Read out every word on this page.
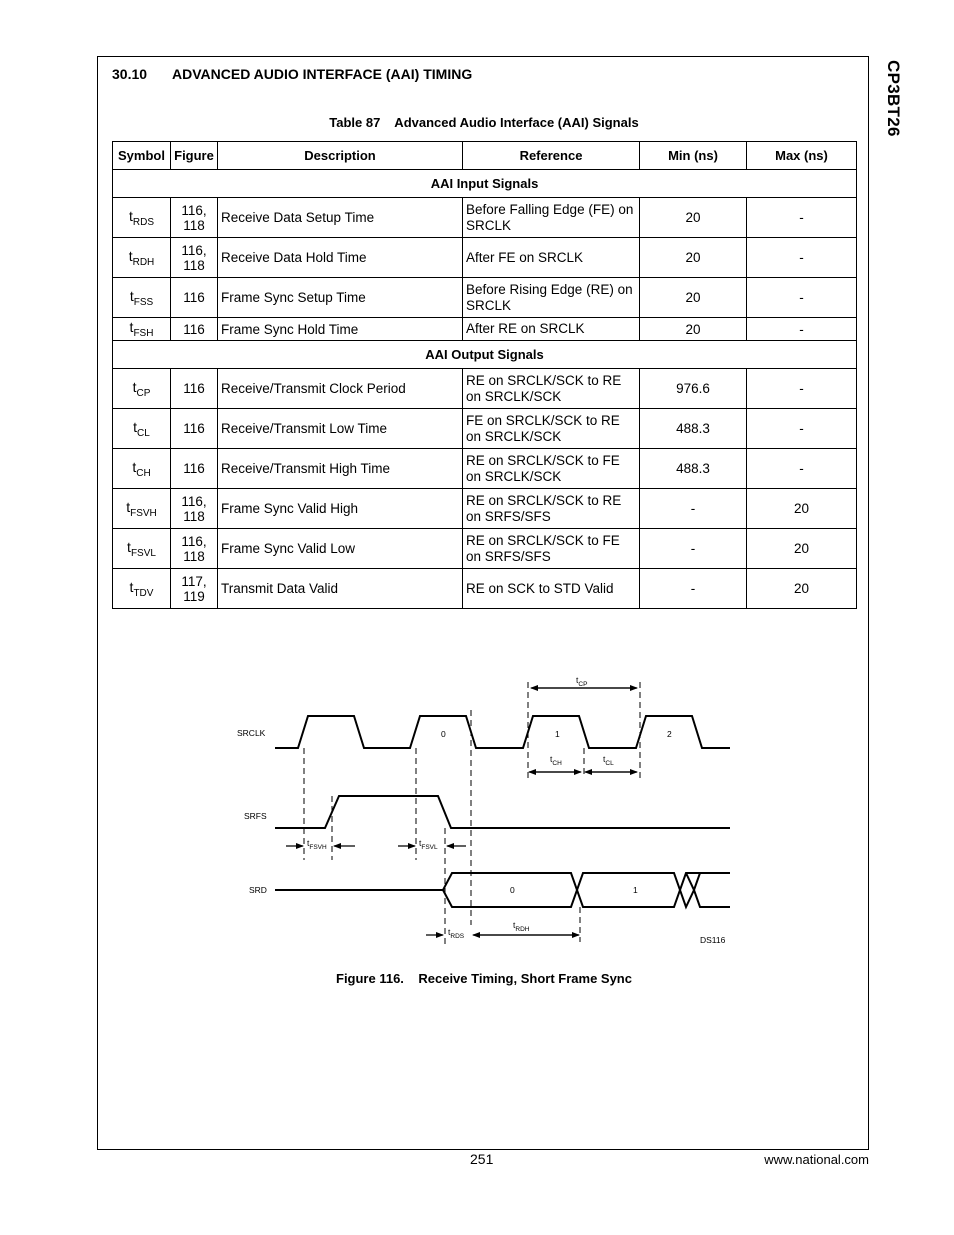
CP3BT26
30.10 ADVANCED AUDIO INTERFACE (AAI) TIMING
Table 87    Advanced Audio Interface (AAI) Signals
Symbol	Figure	Description	Reference	Min (ns)	Max (ns)
AAI Input Signals					
$t_{RDS}$	116, 118	Receive Data Setup Time	Before Falling Edge (FE) on SRCLK	20	-
$t_{RDH}$	116, 118	Receive Data Hold Time	After FE on SRCLK	20	-
$t_{FSS}$	116	Frame Sync Setup Time	Before Rising Edge (RE) on SRCLK	20	-
$t_{FSH}$	116	Frame Sync Hold Time	After RE on SRCLK	20	-
AAI Output Signals					
$t_{CP}$	116	Receive/Transmit Clock Period	RE on SRCLK/SCK to RE on SRCLK/SCK	976.6	-
$t_{CL}$	116	Receive/Transmit Low Time	FE on SRCLK/SCK to RE on SRCLK/SCK	488.3	-
$t_{CH}$	116	Receive/Transmit High Time	RE on SRCLK/SCK to FE on SRCLK/SCK	488.3	-
$t_{FSVH}$	116, 118	Frame Sync Valid High	RE on SRCLK/SCK to RE on SRFS/SFS	-	20
$t_{FSVL}$	116, 118	Frame Sync Valid Low	RE on SRCLK/SCK to FE on SRFS/SFS	-	20
$t_{TDV}$	117, 119	Transmit Data Valid	RE on SCK to STD Valid	-	20
SRCLK
SRFS
SRD
0	1	2
0	1
$t_{CP}$
$t_{CH}$	$t_{CL}$
$t_{FSVH}$	$t_{FSVL}$
$t_{RDS}$
$t_{RDH}$
DS116
Figure 116.    Receive Timing, Short Frame Sync
251	www.national.com
